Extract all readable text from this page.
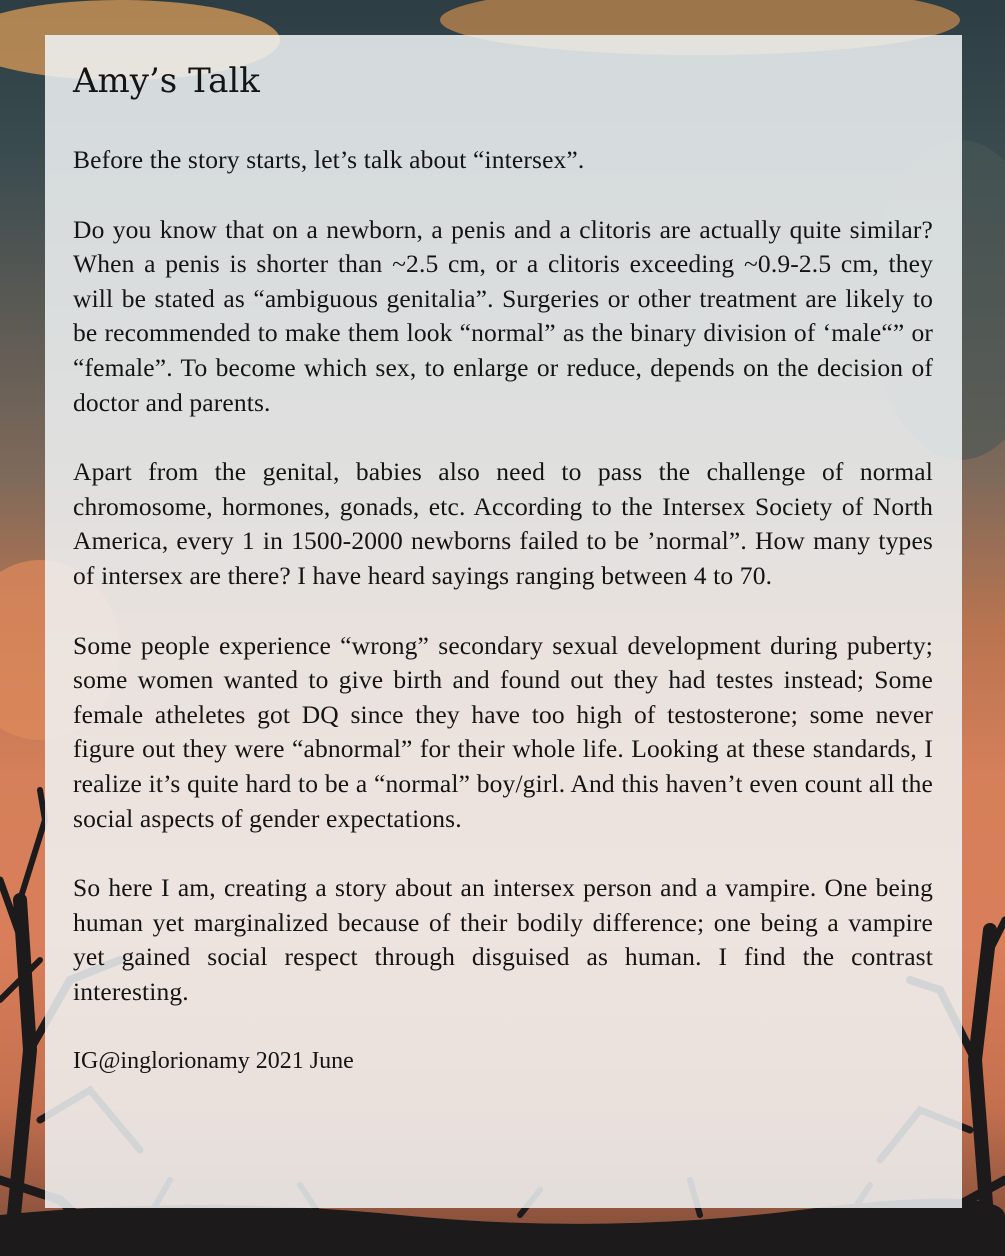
Amy’s Talk

Before the story starts, let’s talk about “intersex”.

Do you know that on a newborn, a penis and a clitoris are actually quite similar? When a penis is shorter than ~2.5 cm, or a clitoris exceeding ~0.9-2.5 cm, they will be stated as “ambiguous genitalia”. Surgeries or other treatment are likely to be recommended to make them look “normal” as the binary division of ‘male“” or “female”. To become which sex, to enlarge or reduce, depends on the decision of doctor and parents.

Apart from the genital, babies also need to pass the challenge of normal chromosome, hormones, gonads, etc. According to the Intersex Society of North America, every 1 in 1500-2000 newborns failed to be ’normal”. How many types of intersex are there? I have heard sayings ranging between 4 to 70.

Some people experience “wrong” secondary sexual development during puberty; some women wanted to give birth and found out they had testes instead; Some female atheletes got DQ since they have too high of testosterone; some never figure out they were “abnormal” for their whole life. Looking at these standards, I realize it’s quite hard to be a “normal” boy/girl. And this haven’t even count all the social aspects of gender expectations.

So here I am, creating a story about an intersex person and a vampire. One being human yet marginalized because of their bodily difference; one being a vampire yet gained social respect through disguised as human. I find the contrast interesting.

IG@inglorionamy 2021 June
